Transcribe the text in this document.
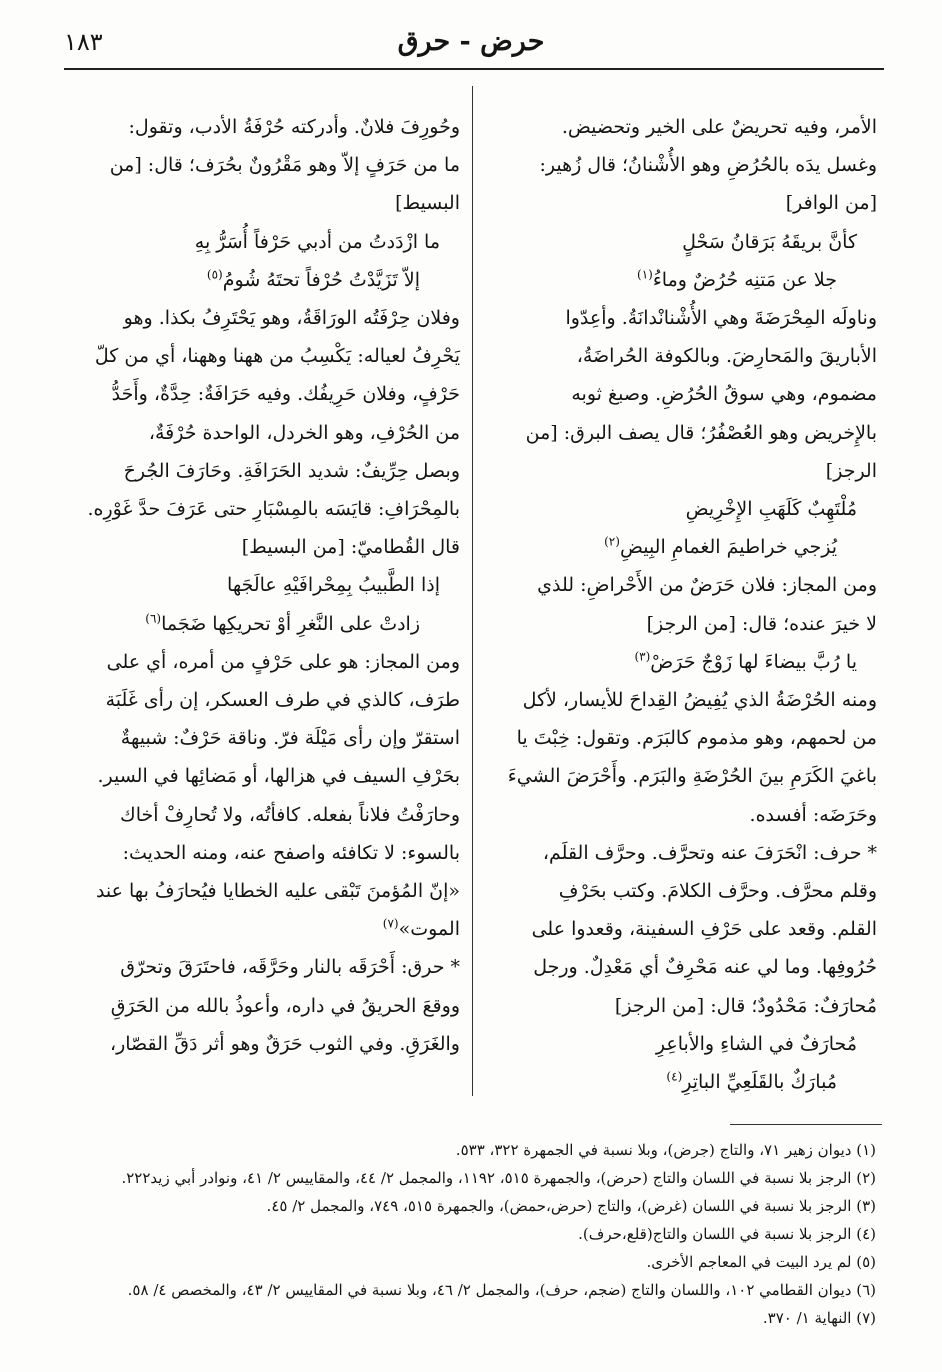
١٨٣	حرض - حرق

الأمر، وفيه تحريضٌ على الخير وتحضيض.

وغسل يدَه بالحُرُضِ وهو الأُشْنانُ؛ قال زُهير:

[من الوافر]

كأنَّ بريقَهُ بَرَقانُ سَحْلٍ

جلا عن مَتنِه حُرُضٌ وماءُ$^{(١)}$

وناولَه المِحْرَضَةَ وهي الأُشْنانْدانَةُ. وأعِدّوا

الأباريقَ والمَحارِضَ. وبالكوفة الحُراضَةُ،

مضموم، وهي سوقُ الحُرُضِ. وصبغ ثوبه

بالإِخريض وهو العُصْفُرُ؛ قال يصف البرق: [من

الرجز]

مُلْتَهِبٌ كَلَهَبِ الإِخْرِيضِ

يُزجي خراطيمَ الغمامِ البِيضِ$^{(٢)}$

ومن المجاز: فلان حَرَضٌ من الأَحْراضِ: للذي

لا خيرَ عنده؛ قال: [من الرجز]

يا رُبَّ بيضاءَ لها زَوْجٌ حَرَضْ$^{(٣)}$

ومنه الحُرْضَةُ الذي يُفِيضُ القِداحَ للأيسار، لأكل

من لحمهم، وهو مذموم كالبَرَم. وتقول: خِبْتَ يا

باغيَ الكَرَمِ بينَ الحُرْضَةِ والبَرَم. وأَحْرَضَ الشيءَ

وحَرَضَه: أفسده.

* حرف: انْحَرَفَ عنه وتحرَّف. وحرَّف القلَم،

وقلم محرَّف. وحرَّف الكلامَ. وكتب بحَرْفِ

القلم. وقعد على حَرْفِ السفينة، وقعدوا على

حُرُوفِها. وما لي عنه مَحْرِفٌ أي مَعْدِلٌ. ورجل

مُحارَفٌ: مَحْدُودٌ؛ قال: [من الرجز]

مُحارَفٌ في الشاءِ والأباعِرِ

مُبارَكٌ بالقَلَعِيِّ الباتِرِ$^{(٤)}$

وحُورِفَ فلانٌ. وأدركته حُرْفَةُ الأدب، وتقول:

ما من حَرَفٍ إلاّ وهو مَقْرُونٌ بحُرَف؛ قال: [من

البسيط]

ما ازْدَدتُ من أدبي حَرْفاً أُسَرُّ بِهِ

إلاّ تَزَيَّدْتُ حُرْفاً تحتَهُ شُومُ$^{(٥)}$

وفلان حِرْفَتُه الورَاقَةُ، وهو يَحْتَرِفُ بكذا. وهو

يَحْرِفُ لعياله: يَكْسِبُ من ههنا وههنا، أي من كلّ

حَرْفٍ، وفلان حَرِيفُك. وفيه حَرَافَةٌ: حِدَّةٌ، وأَحَدُّ

من الحُرْفِ، وهو الخردل، الواحدة حُرْفَةٌ،

وبصل حِرِّيفٌ: شديد الحَرَافَةِ. وحَارَفَ الجُرحَ

بالمِحْرَافِ: قايَسَه بالمِسْبَارِ حتى عَرَفَ حدَّ غَوْرِه.

قال القُطاميّ: [من البسيط]

إذا الطَّبيبُ بِمِحْرافَيْهِ عالَجَها

زادتْ على النَّغرِ أوْ تحريكِها ضَجَما$^{(٦)}$

ومن المجاز: هو على حَرْفٍ من أمره، أي على

طرَف، كالذي في طرف العسكر، إن رأى غَلَبَة

استقرّ وإن رأى مَيْلَة فرّ. وناقة حَرْفٌ: شبيهةٌ

بحَرْفِ السيف في هزالها، أو مَضائِها في السير.

وحارَفْتُ فلاناً بفعله. كافأتُه، ولا تُحارِفْ أخاك

بالسوء: لا تكافئه واصفح عنه، ومنه الحديث:

«إنّ المُؤمنَ تَبْقى عليه الخطايا فيُحارَفُ بها عند

الموت»$^{(٧)}$

* حرق: أَحْرَقَه بالنار وحَرَّقَه، فاحتَرَقَ وتحرّق

ووقعَ الحريقُ في داره، وأعوذُ بالله من الحَرَقِ

والغَرَقِ. وفي الثوب حَرَقٌ وهو أثر دَقِّ القصّار،

(١) ديوان زهير ٧١، والتاج (جرض)، وبلا نسبة في الجمهرة ٣٢٢، ٥٣٣.
(٢) الرجز بلا نسبة في اللسان والتاج (حرض)، والجمهرة ٥١٥، ١١٩٢، والمجمل ٢/ ٤٤، والمقاييس ٢/ ٤١، ونوادر أبي زيد٢٢٢.
(٣) الرجز بلا نسبة في اللسان (غرض)، والتاج (حرض،حمض)، والجمهرة ٥١٥، ٧٤٩، والمجمل ٢/ ٤٥.
(٤) الرجز بلا نسبة في اللسان والتاج(قلع،حرف).
(٥) لم يرد البيت في المعاجم الأخرى.
(٦) ديوان القطامي ١٠٢، واللسان والتاج (ضجم، حرف)، والمجمل ٢/ ٤٦، وبلا نسبة في المقاييس ٢/ ٤٣، والمخصص ٤/ ٥٨.
(٧) النهاية ١/ ٣٧٠.
